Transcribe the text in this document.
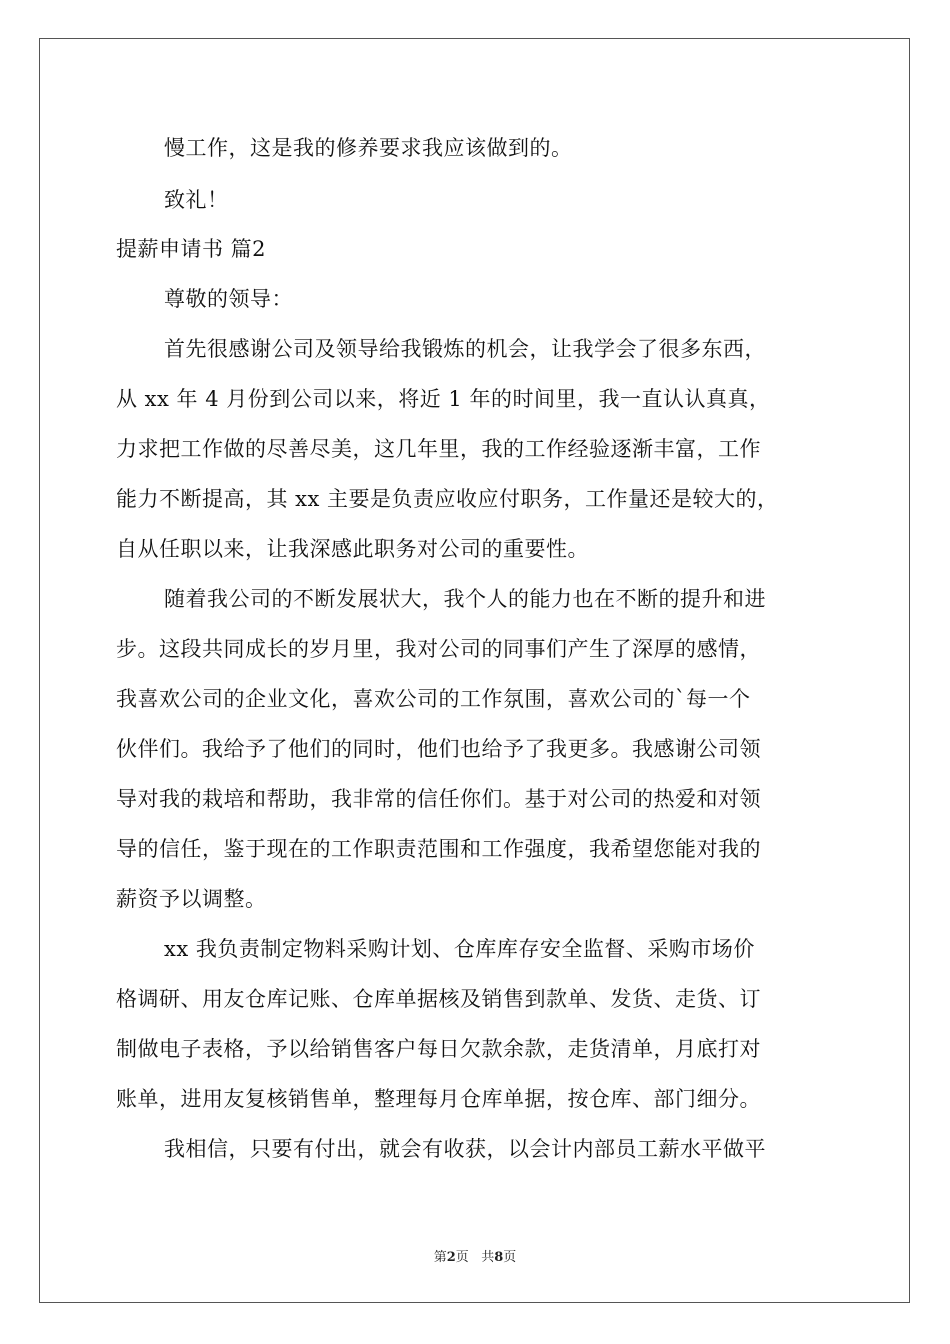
慢工作，这是我的修养要求我应该做到的。
致礼！
提薪申请书 篇2
尊敬的领导：
首先很感谢公司及领导给我锻炼的机会，让我学会了很多东西，
从 xx 年 4 月份到公司以来，将近 1 年的时间里，我一直认认真真，
力求把工作做的尽善尽美，这几年里，我的工作经验逐渐丰富，工作
能力不断提高，其 xx 主要是负责应收应付职务，工作量还是较大的，
自从任职以来，让我深感此职务对公司的重要性。
随着我公司的不断发展状大，我个人的能力也在不断的提升和进
步。这段共同成长的岁月里，我对公司的同事们产生了深厚的感情，
我喜欢公司的企业文化，喜欢公司的工作氛围，喜欢公司的`每一个
伙伴们。我给予了他们的同时，他们也给予了我更多。我感谢公司领
导对我的栽培和帮助，我非常的信任你们。基于对公司的热爱和对领
导的信任，鉴于现在的工作职责范围和工作强度，我希望您能对我的
薪资予以调整。
xx 我负责制定物料采购计划、仓库库存安全监督、采购市场价
格调研、用友仓库记账、仓库单据核及销售到款单、发货、走货、订
制做电子表格，予以给销售客户每日欠款余款，走货清单，月底打对
账单，进用友复核销售单，整理每月仓库单据，按仓库、部门细分。
我相信，只要有付出，就会有收获，以会计内部员工薪水平做平
第2页 共8页
